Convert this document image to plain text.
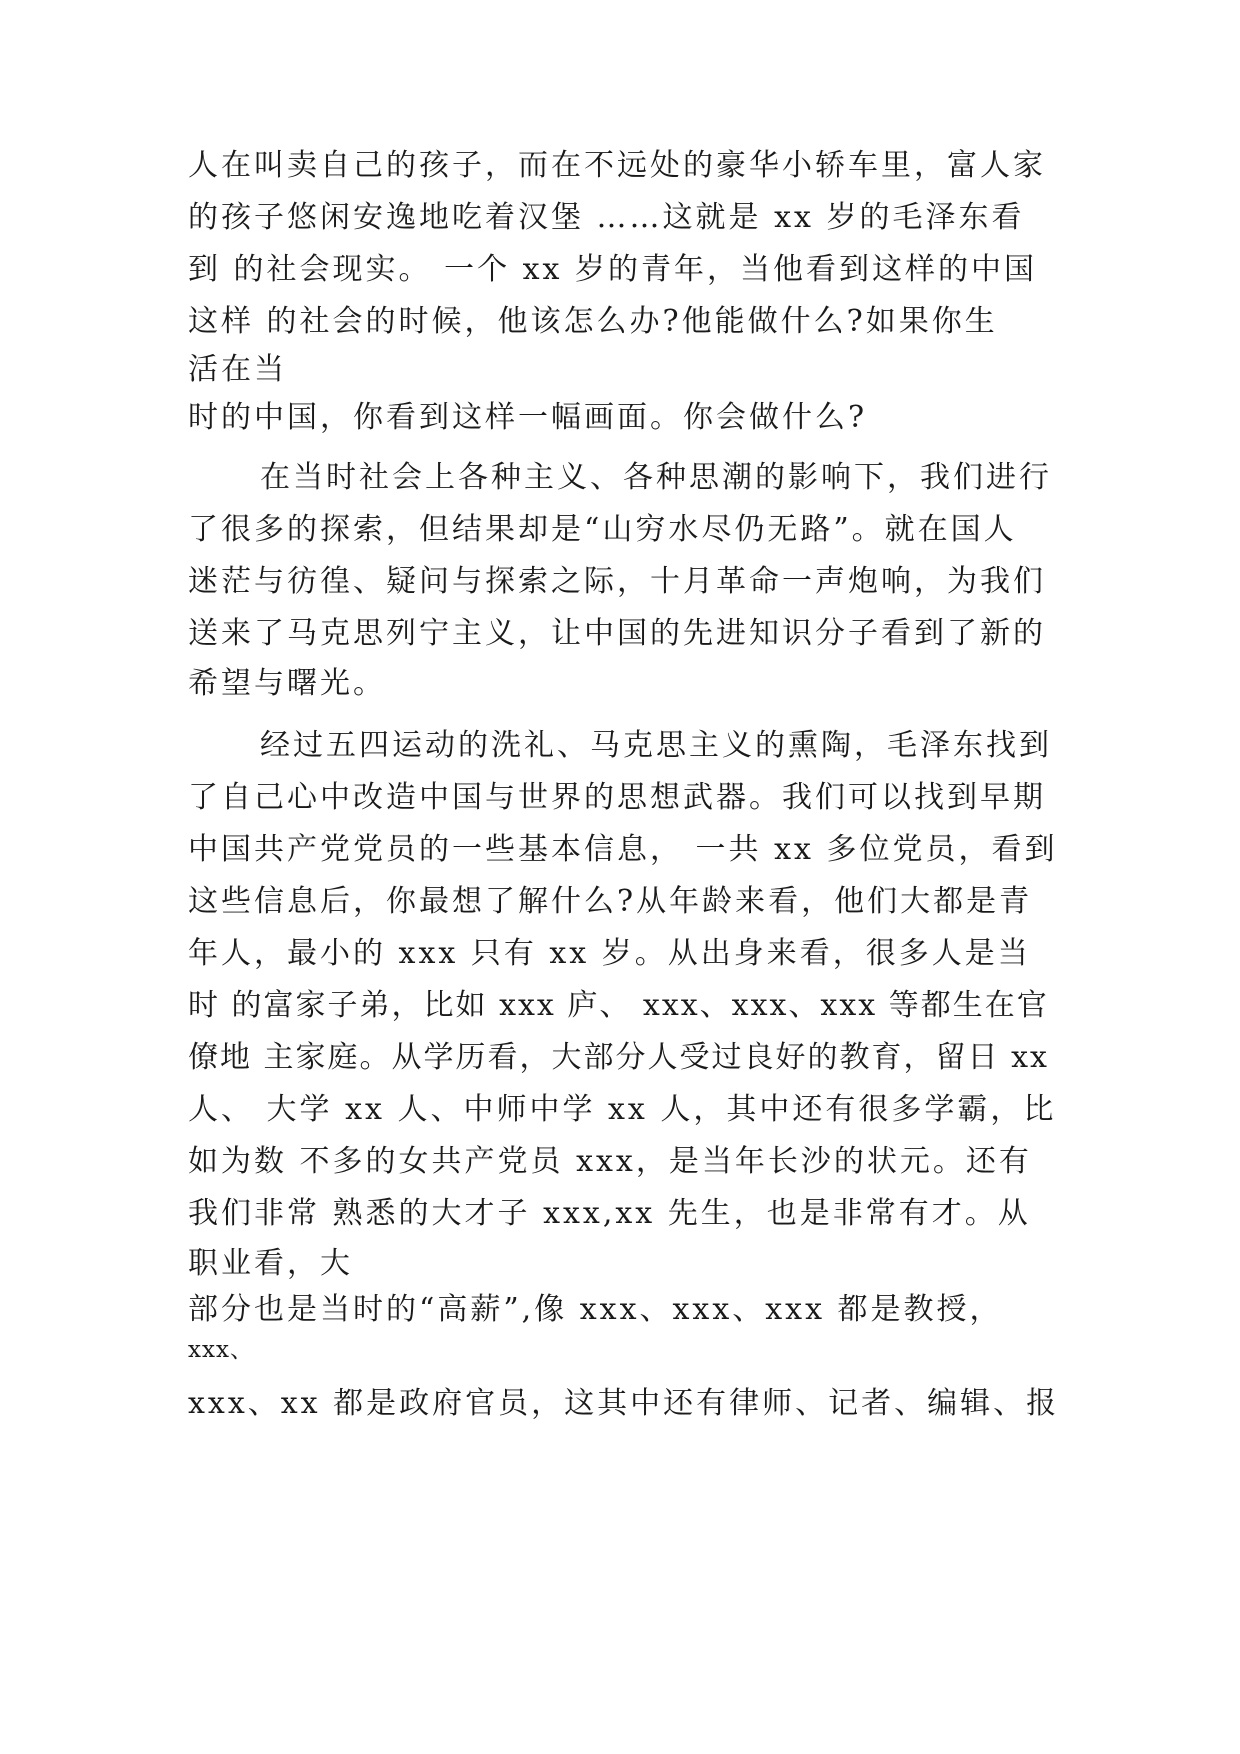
人在叫卖自己的孩子，而在不远处的豪华小轿车里，富人家

的孩子悠闲安逸地吃着汉堡 ……这就是 xx 岁的毛泽东看

到 的社会现实。 一个 xx 岁的青年，当他看到这样的中国

这样 的社会的时候，他该怎么办?他能做什么?如果你生

活在当

时的中国，你看到这样一幅画面。你会做什么?

在当时社会上各种主义、各种思潮的影响下，我们进行

了很多的探索，但结果却是“山穷水尽仍无路”。就在国人

迷茫与彷徨、疑问与探索之际，十月革命一声炮响，为我们

送来了马克思列宁主义，让中国的先进知识分子看到了新的

希望与曙光。

经过五四运动的洗礼、马克思主义的熏陶，毛泽东找到

了自己心中改造中国与世界的思想武器。我们可以找到早期

中国共产党党员的一些基本信息， 一共 xx 多位党员，看到

这些信息后，你最想了解什么?从年龄来看，他们大都是青

年人，最小的 xxx 只有 xx 岁。从出身来看，很多人是当

时 的富家子弟，比如 xxx 庐、 xxx、xxx、xxx 等都生在官

僚地 主家庭。从学历看，大部分人受过良好的教育，留日 xx

人、 大学 xx 人、中师中学 xx 人，其中还有很多学霸，比

如为数 不多的女共产党员 xxx，是当年长沙的状元。还有

我们非常 熟悉的大才子 xxx,xx 先生，也是非常有才。从

职业看，大

部分也是当时的“高薪”,像 xxx、xxx、xxx 都是教授，

xxx、

xxx、xx 都是政府官员，这其中还有律师、记者、编辑、报
